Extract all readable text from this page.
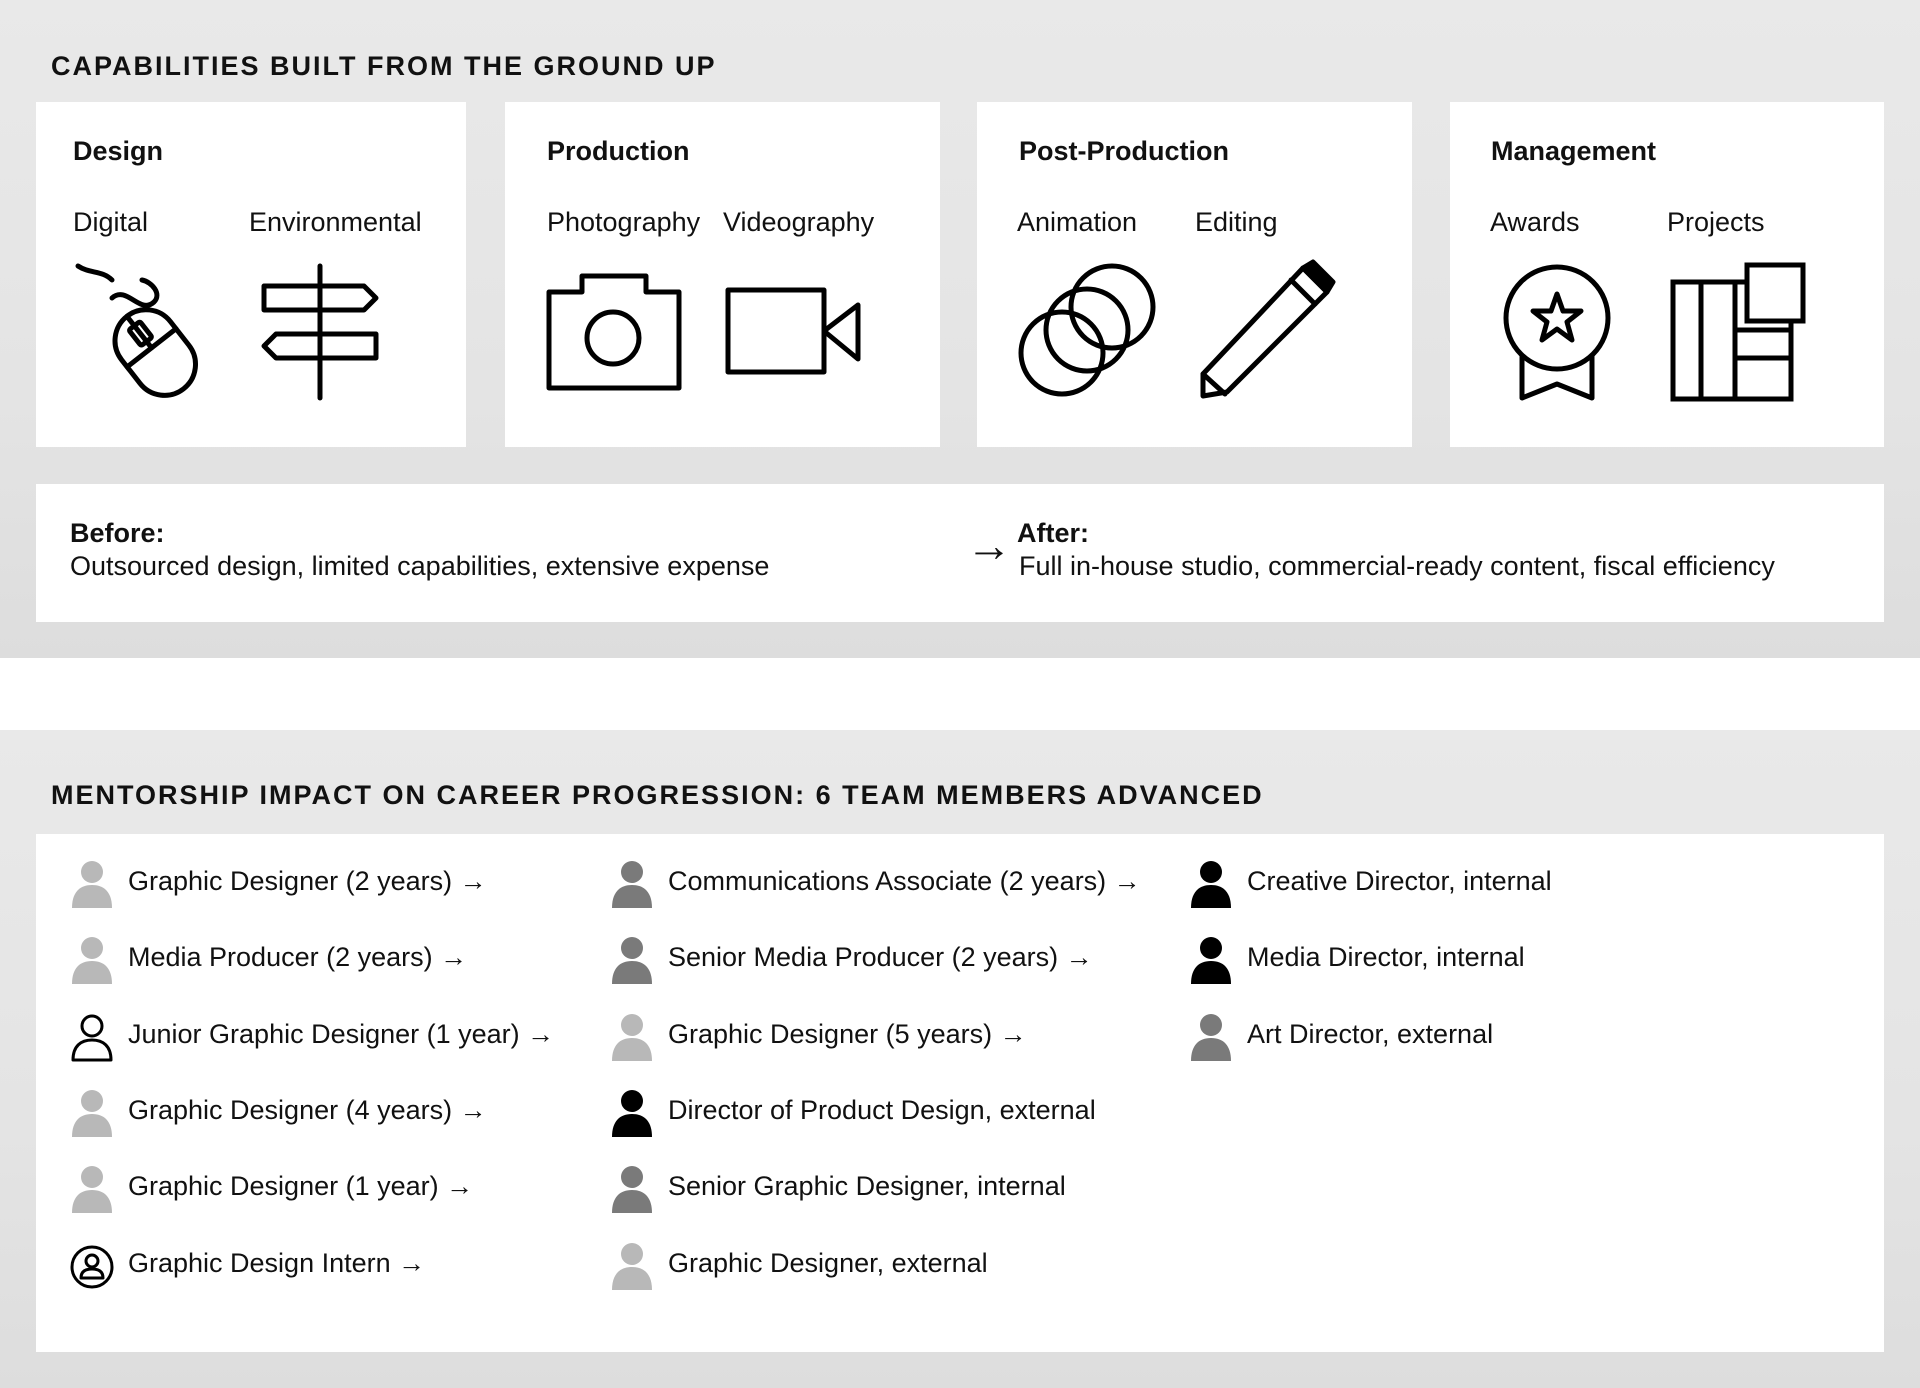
CAPABILITIES BUILT FROM THE GROUND UP
Design
Digital	Environmental
Production
Photography Videography
Post-Production
Animation Editing
Management
Awards	Projects
Before:
Outsourced design, limited capabilities, extensive expense	→ After:
Full in-house studio, commercial-ready content, fiscal efficiency
MENTORSHIP IMPACT ON CAREER PROGRESSION: 6 TEAM MEMBERS ADVANCED
Graphic Designer (2 years) →
Media Producer (2 years) →
Junior Graphic Designer (1 year) →
Graphic Designer (4 years) →
Graphic Designer (1 year) →
Graphic Design Intern →
Communications Associate (2 years) →
Senior Media Producer (2 years) →
Graphic Designer (5 years) →
Director of Product Design, external
Senior Graphic Designer, internal
Graphic Designer, external
Creative Director, internal
Media Director, internal
Art Director, external
